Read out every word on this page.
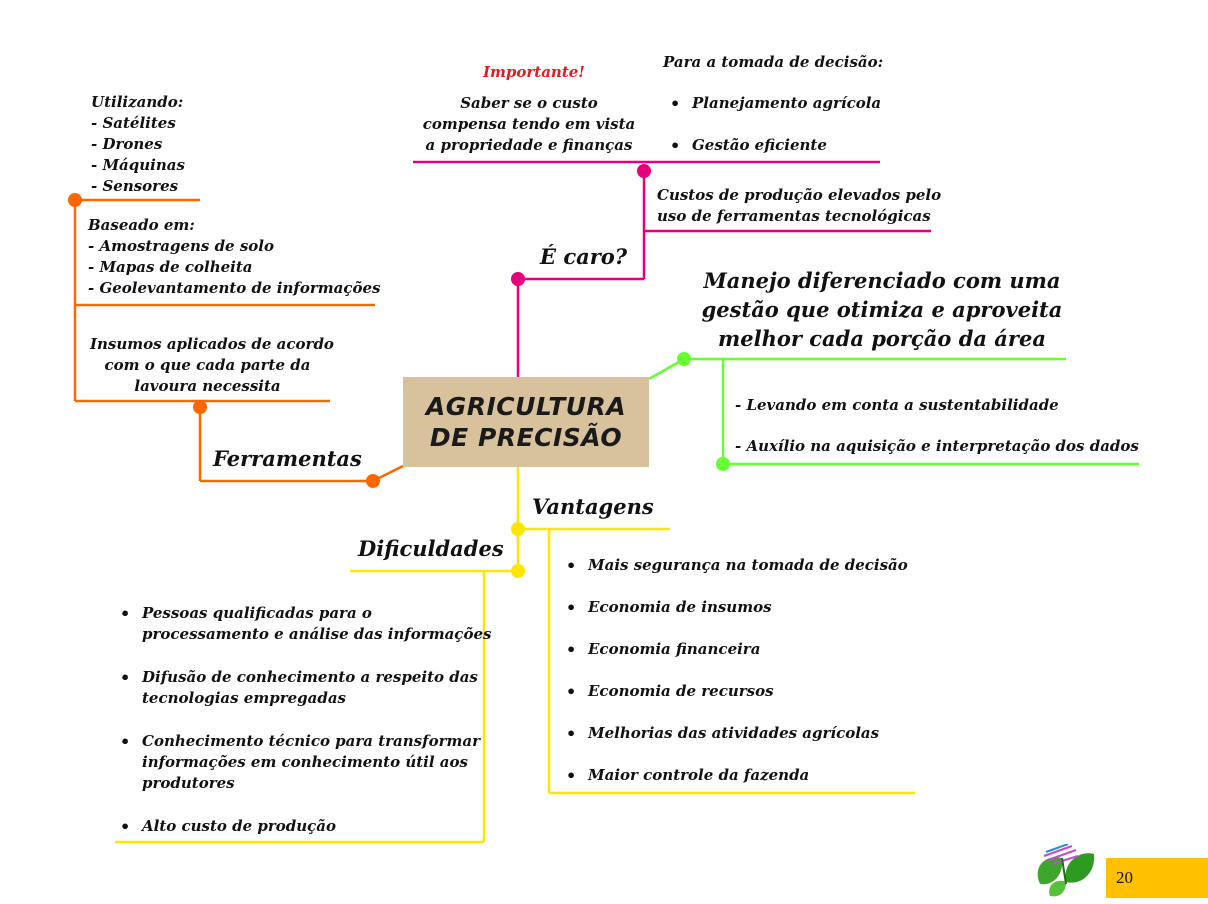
AGRICULTURA
DE PRECISÃO
Utilizando:
- Satélites
- Drones
- Máquinas
- Sensores
Baseado em:
- Amostragens de solo
- Mapas de colheita
- Geolevantamento de informações
Insumos aplicados de acordo
com o que cada parte da
lavoura necessita
Ferramentas
Importante!
Saber se o custo
compensa tendo em vista
a propriedade e finanças
Para a tomada de decisão:
• Planejamento agrícola
• Gestão eficiente
Custos de produção elevados pelo
uso de ferramentas tecnológicas
É caro?
Manejo diferenciado com uma
gestão que otimiza e aproveita
melhor cada porção da área
- Levando em conta a sustentabilidade
- Auxílio na aquisição e interpretação dos dados
Vantagens
• Mais segurança na tomada de decisão
• Economia de insumos
• Economia financeira
• Economia de recursos
• Melhorias das atividades agrícolas
• Maior controle da fazenda
Dificuldades
• Pessoas qualificadas para o
processamento e análise das informações
• Difusão de conhecimento a respeito das
tecnologias empregadas
• Conhecimento técnico para transformar
informações em conhecimento útil aos
produtores
• Alto custo de produção
20
